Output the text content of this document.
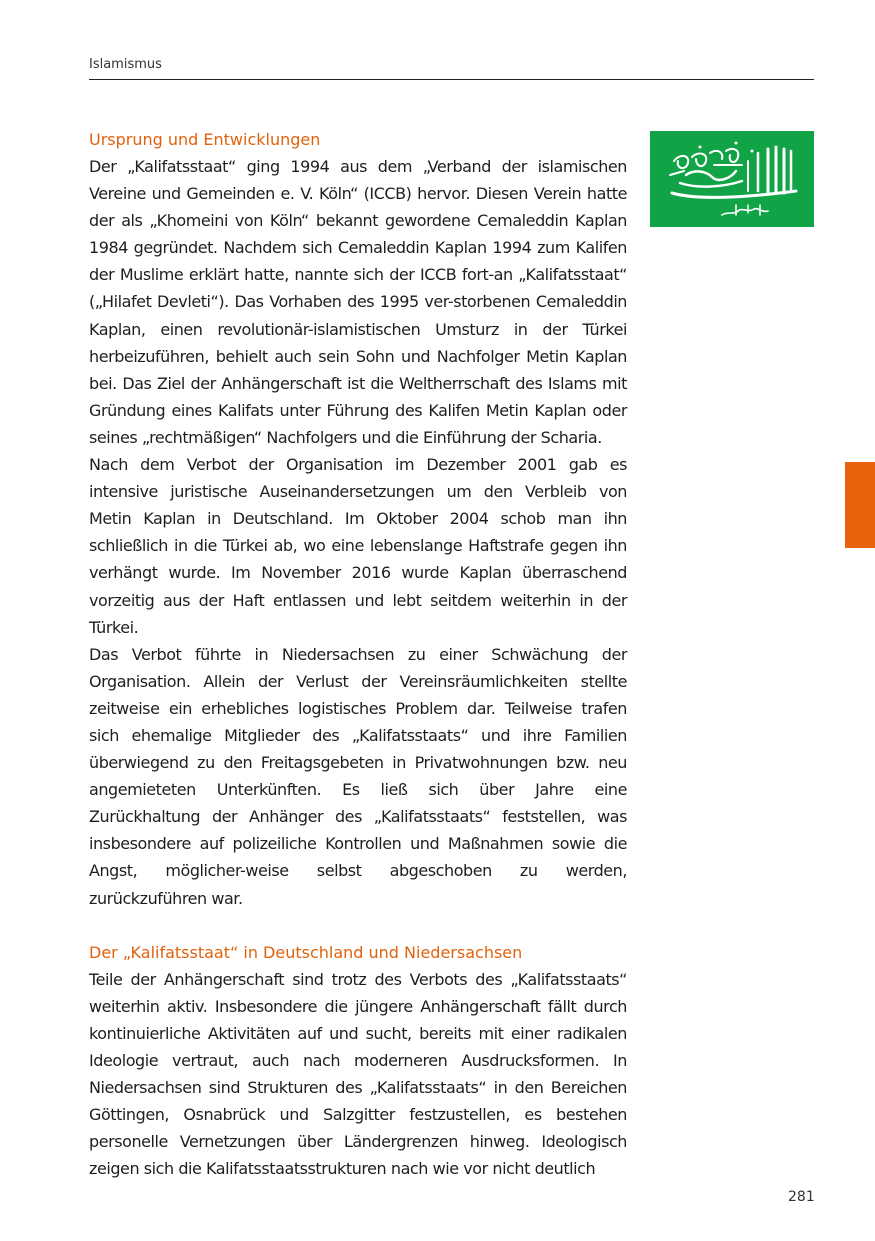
Islamismus
Ursprung und Entwicklungen

Der „Kalifatsstaat“ ging 1994 aus dem „Verband der islamischen Vereine und Gemeinden e. V. Köln“ (ICCB) hervor. Diesen Verein hatte der als „Khomeini von Köln“ bekannt gewordene Cemaleddin Kaplan 1984 gegründet. Nachdem sich Cemaleddin Kaplan 1994 zum Kalifen der Muslime erklärt hatte, nannte sich der ICCB fort-an „Kalifatsstaat“ („Hilafet Devleti“). Das Vorhaben des 1995 ver-storbenen Cemaleddin Kaplan, einen revolutionär-islamistischen Umsturz in der Türkei herbeizuführen, behielt auch sein Sohn und Nachfolger Metin Kaplan bei. Das Ziel der Anhängerschaft ist die Weltherrschaft des Islams mit Gründung eines Kalifats unter Führung des Kalifen Metin Kaplan oder seines „rechtmäßigen“ Nachfolgers und die Einführung der Scharia.

Nach dem Verbot der Organisation im Dezember 2001 gab es intensive juristische Auseinandersetzungen um den Verbleib von Metin Kaplan in Deutschland. Im Oktober 2004 schob man ihn schließlich in die Türkei ab, wo eine lebenslange Haftstrafe gegen ihn verhängt wurde. Im November 2016 wurde Kaplan überraschend vorzeitig aus der Haft entlassen und lebt seitdem weiterhin in der Türkei.

Das Verbot führte in Niedersachsen zu einer Schwächung der Organisation. Allein der Verlust der Vereinsräumlichkeiten stellte zeitweise ein erhebliches logistisches Problem dar. Teilweise trafen sich ehemalige Mitglieder des „Kalifatsstaats“ und ihre Familien überwiegend zu den Freitagsgebeten in Privatwohnungen bzw. neu angemieteten Unterkünften. Es ließ sich über Jahre eine Zurückhaltung der Anhänger des „Kalifatsstaats“ feststellen, was insbesondere auf polizeiliche Kontrollen und Maßnahmen sowie die Angst, möglicher-weise selbst abgeschoben zu werden, zurückzuführen war.

Der „Kalifatsstaat“ in Deutschland und Niedersachsen

Teile der Anhängerschaft sind trotz des Verbots des „Kalifatsstaats“ weiterhin aktiv. Insbesondere die jüngere Anhängerschaft fällt durch kontinuierliche Aktivitäten auf und sucht, bereits mit einer radikalen Ideologie vertraut, auch nach moderneren Ausdrucksformen. In Niedersachsen sind Strukturen des „Kalifatsstaats“ in den Bereichen Göttingen, Osnabrück und Salzgitter festzustellen, es bestehen personelle Vernetzungen über Ländergrenzen hinweg. Ideologisch zeigen sich die Kalifatsstaatsstrukturen nach wie vor nicht deutlich

281
